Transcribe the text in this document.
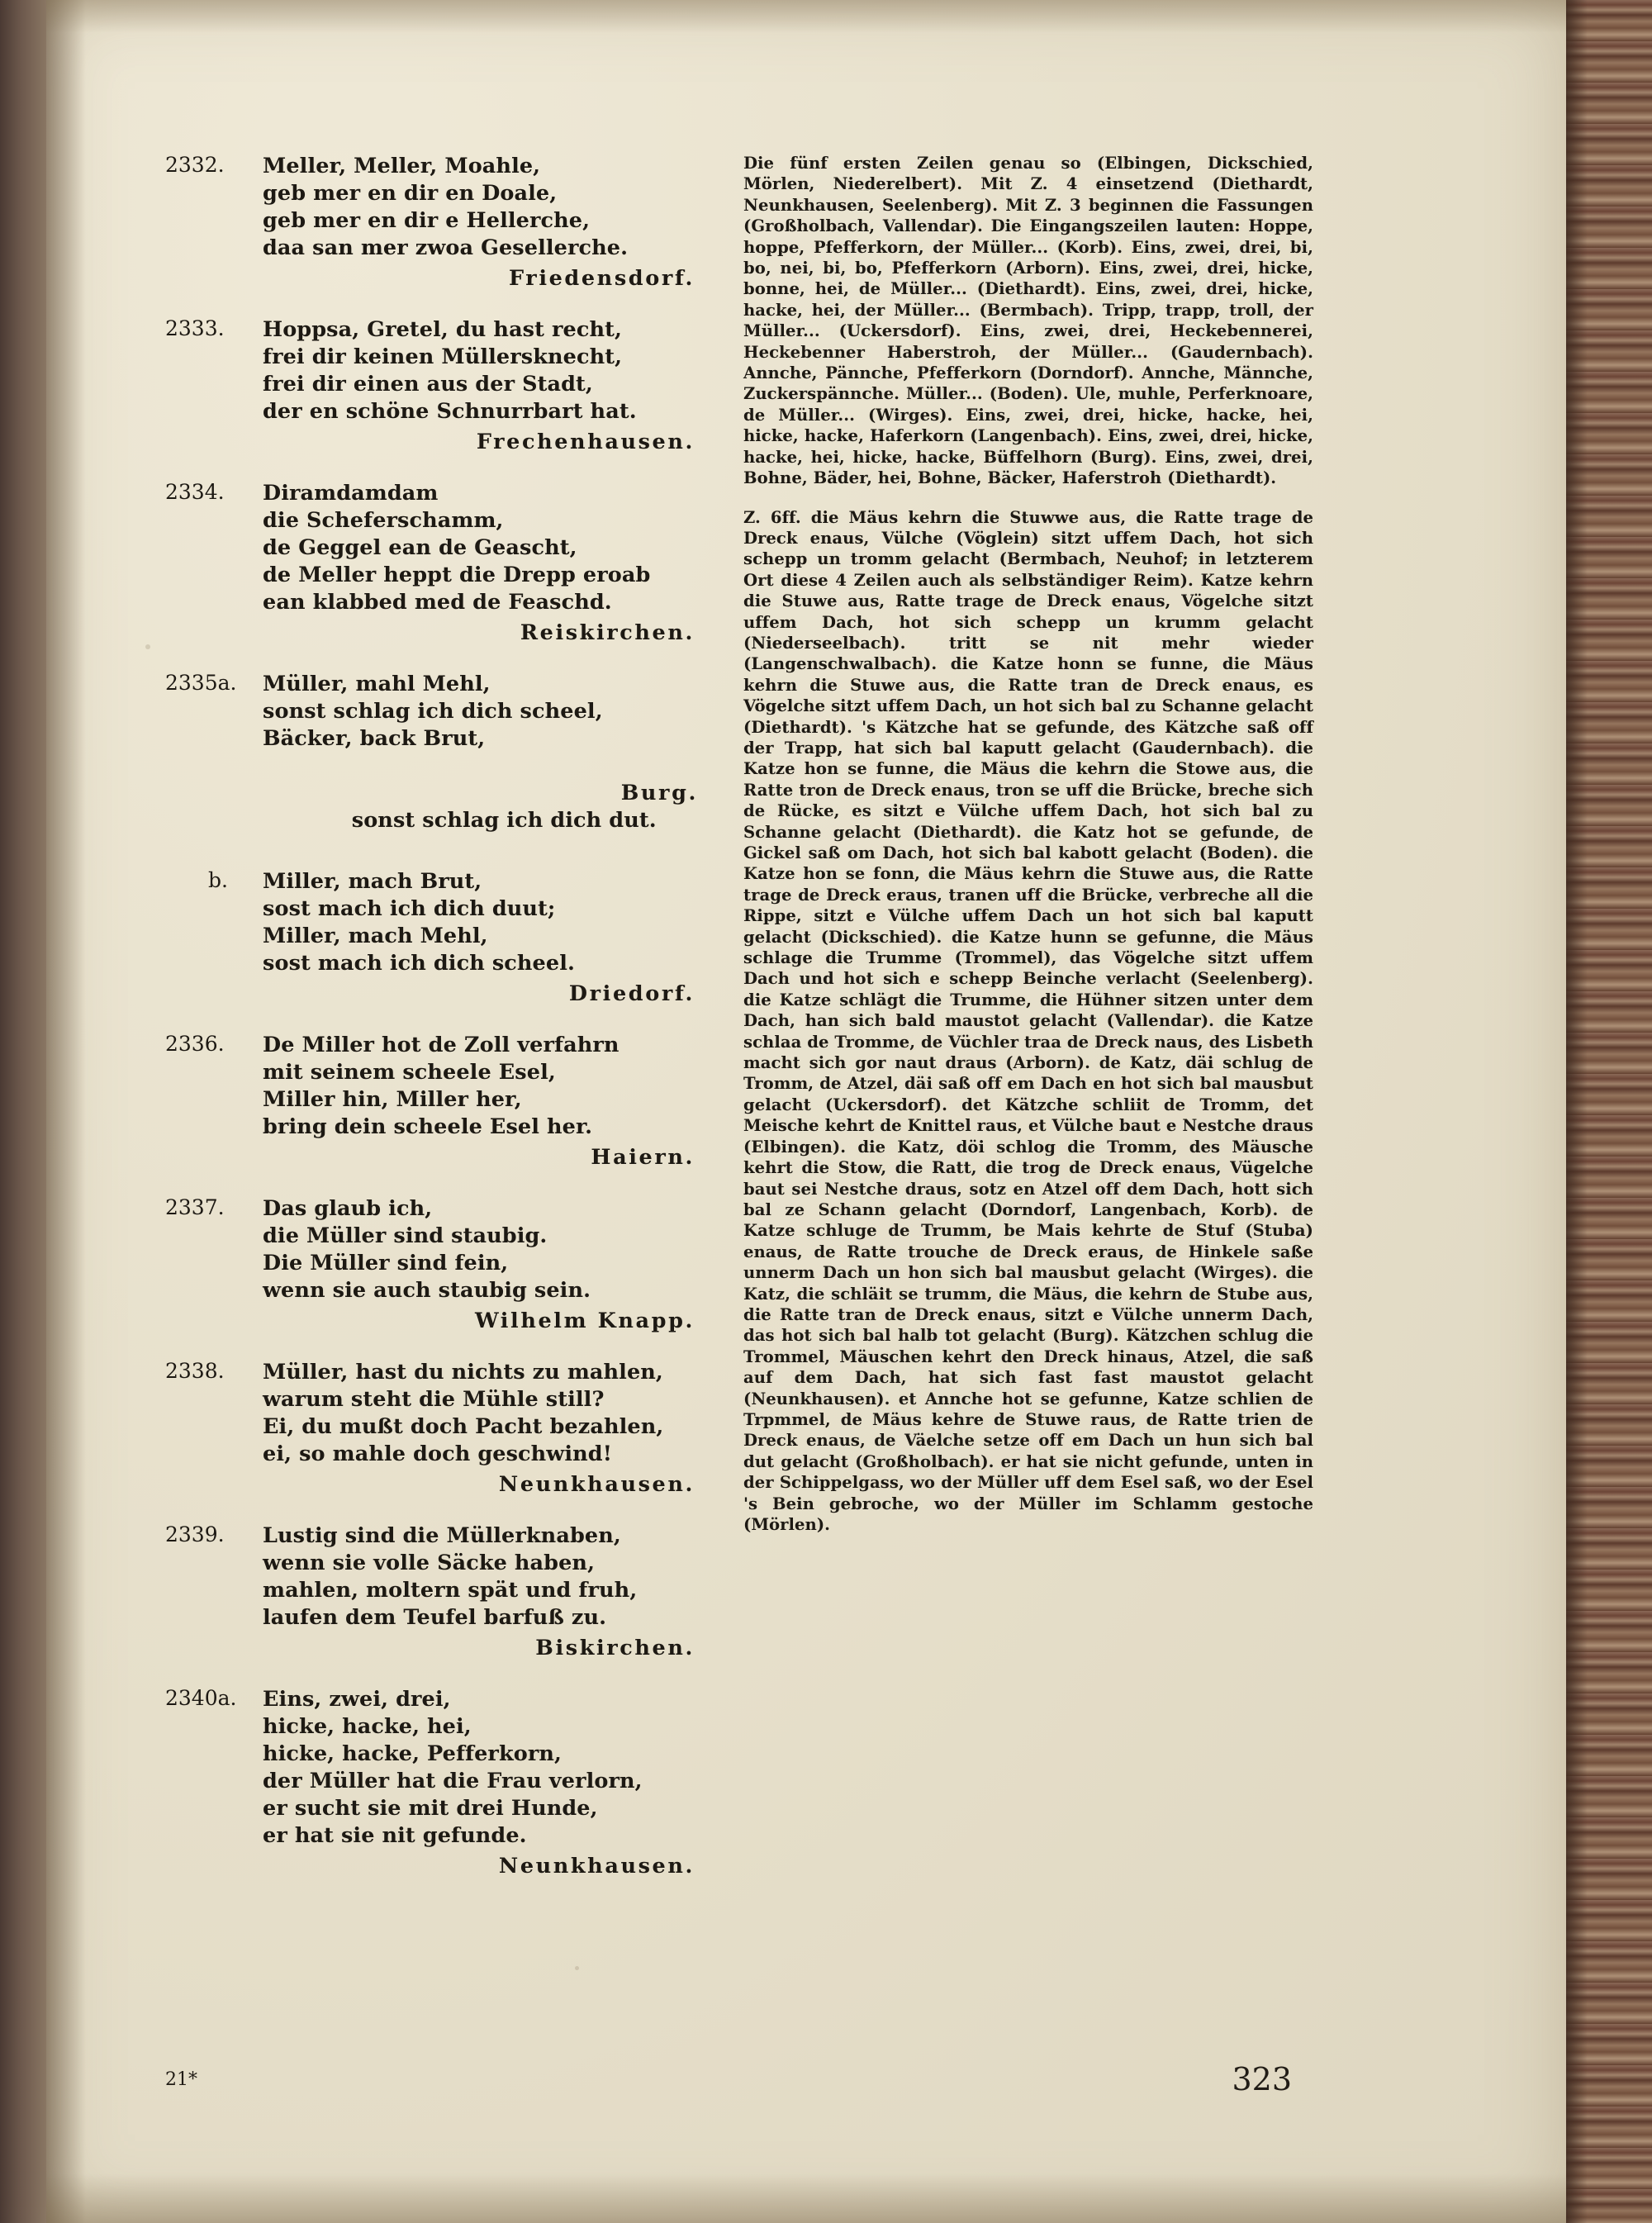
2332.	Meller, Meller, Moahle,
geb mer en dir en Doale,
geb mer en dir e Hellerche,
daa san mer zwoa Gesellerche.
Friedensdorf.
2333.	Hoppsa, Gretel, du hast recht,
frei dir keinen Müllersknecht,
frei dir einen aus der Stadt,
der en schöne Schnurrbart hat.
Frechenhausen.
2334.	Diramdamdam
die Scheferschamm,
de Geggel ean de Geascht,
de Meller heppt die Drepp eroab
ean klabbed med de Feaschd.
Reiskirchen.
2335a.	Müller, mahl Mehl,
sonst schlag ich dich scheel,
Bäcker, back Brut,

Burg.

sonst schlag ich dich dut.

b.	Miller, mach Brut,
sost mach ich dich duut;
Miller, mach Mehl,
sost mach ich dich scheel.
Driedorf.
2336.	De Miller hot de Zoll verfahrn
mit seinem scheele Esel,
Miller hin, Miller her,
bring dein scheele Esel her.
Haiern.
2337.	Das glaub ich,
die Müller sind staubig.
Die Müller sind fein,
wenn sie auch staubig sein.
Wilhelm Knapp.
2338.	Müller, hast du nichts zu mahlen,
warum steht die Mühle still?
Ei, du mußt doch Pacht bezahlen,
ei, so mahle doch geschwind!
Neunkhausen.
2339.	Lustig sind die Müllerknaben,
wenn sie volle Säcke haben,
mahlen, moltern spät und fruh,
laufen dem Teufel barfuß zu.
Biskirchen.
2340a.	Eins, zwei, drei,
hicke, hacke, hei,
hicke, hacke, Pefferkorn,
der Müller hat die Frau verlorn,
er sucht sie mit drei Hunde,
er hat sie nit gefunde.
Neunkhausen.
Die fünf ersten Zeilen genau so (Elbingen, Dickschied, Mörlen, Niederelbert). Mit Z. 4 einsetzend (Diethardt, Neunkhausen, Seelenberg). Mit Z. 3 beginnen die Fassungen (Großholbach, Vallendar). Die Eingangszeilen lauten: Hoppe, hoppe, Pfefferkorn, der Müller... (Korb). Eins, zwei, drei, bi, bo, nei, bi, bo, Pfefferkorn (Arborn). Eins, zwei, drei, hicke, bonne, hei, de Müller... (Diethardt). Eins, zwei, drei, hicke, hacke, hei, der Müller... (Bermbach). Tripp, trapp, troll, der Müller... (Uckersdorf). Eins, zwei, drei, Heckebennerei, Heckebenner Haberstroh, der Müller... (Gaudernbach). Annche, Pännche, Pfefferkorn (Dorndorf). Annche, Männche, Zuckerspännche. Müller... (Boden). Ule, muhle, Perferknoare, de Müller... (Wirges). Eins, zwei, drei, hicke, hacke, hei, hicke, hacke, Haferkorn (Langenbach). Eins, zwei, drei, hicke, hacke, hei, hicke, hacke, Büffelhorn (Burg). Eins, zwei, drei, Bohne, Bäder, hei, Bohne, Bäcker, Haferstroh (Diethardt).
Z. 6ff. die Mäus kehrn die Stuwwe aus, die Ratte trage de Dreck enaus, Vülche (Vöglein) sitzt uffem Dach, hot sich schepp un tromm gelacht (Bermbach, Neuhof; in letzterem Ort diese 4 Zeilen auch als selbständiger Reim). Katze kehrn die Stuwe aus, Ratte trage de Dreck enaus, Vögelche sitzt uffem Dach, hot sich schepp un krumm gelacht (Niederseelbach). tritt se nit mehr wieder (Langenschwalbach). die Katze honn se funne, die Mäus kehrn die Stuwe aus, die Ratte tran de Dreck enaus, es Vögelche sitzt uffem Dach, un hot sich bal zu Schanne gelacht (Diethardt). 's Kätzche hat se gefunde, des Kätzche saß off der Trapp, hat sich bal kaputt gelacht (Gaudernbach). die Katze hon se funne, die Mäus die kehrn die Stowe aus, die Ratte tron de Dreck enaus, tron se uff die Brücke, breche sich de Rücke, es sitzt e Vülche uffem Dach, hot sich bal zu Schanne gelacht (Diethardt). die Katz hot se gefunde, de Gickel saß om Dach, hot sich bal kabott gelacht (Boden). die Katze hon se fonn, die Mäus kehrn die Stuwe aus, die Ratte trage de Dreck eraus, tranen uff die Brücke, verbreche all die Rippe, sitzt e Vülche uffem Dach un hot sich bal kaputt gelacht (Dickschied). die Katze hunn se gefunne, die Mäus schlage die Trumme (Trommel), das Vögelche sitzt uffem Dach und hot sich e schepp Beinche verlacht (Seelenberg). die Katze schlägt die Trumme, die Hühner sitzen unter dem Dach, han sich bald maustot gelacht (Vallendar). die Katze schlaa de Tromme, de Vüchler traa de Dreck naus, des Lisbeth macht sich gor naut draus (Arborn). de Katz, däi schlug de Tromm, de Atzel, däi saß off em Dach en hot sich bal mausbut gelacht (Uckersdorf). det Kätzche schliit de Tromm, det Meische kehrt de Knittel raus, et Vülche baut e Nestche draus (Elbingen). die Katz, döi schlog die Tromm, des Mäusche kehrt die Stow, die Ratt, die trog de Dreck enaus, Vügelche baut sei Nestche draus, sotz en Atzel off dem Dach, hott sich bal ze Schann gelacht (Dorndorf, Langenbach, Korb). de Katze schluge de Trumm, be Mais kehrte de Stuf (Stuba) enaus, de Ratte trouche de Dreck eraus, de Hinkele saße unnerm Dach un hon sich bal mausbut gelacht (Wirges). die Katz, die schläit se trumm, die Mäus, die kehrn de Stube aus, die Ratte tran de Dreck enaus, sitzt e Vülche unnerm Dach, das hot sich bal halb tot gelacht (Burg). Kätzchen schlug die Trommel, Mäuschen kehrt den Dreck hinaus, Atzel, die saß auf dem Dach, hat sich fast fast maustot gelacht (Neunkhausen). et Annche hot se gefunne, Katze schlien de Trpmmel, de Mäus kehre de Stuwe raus, de Ratte trien de Dreck enaus, de Väelche setze off em Dach un hun sich bal dut gelacht (Großholbach). er hat sie nicht gefunde, unten in der Schippelgass, wo der Müller uff dem Esel saß, wo der Esel 's Bein gebroche, wo der Müller im Schlamm gestoche (Mörlen).
21*	323
